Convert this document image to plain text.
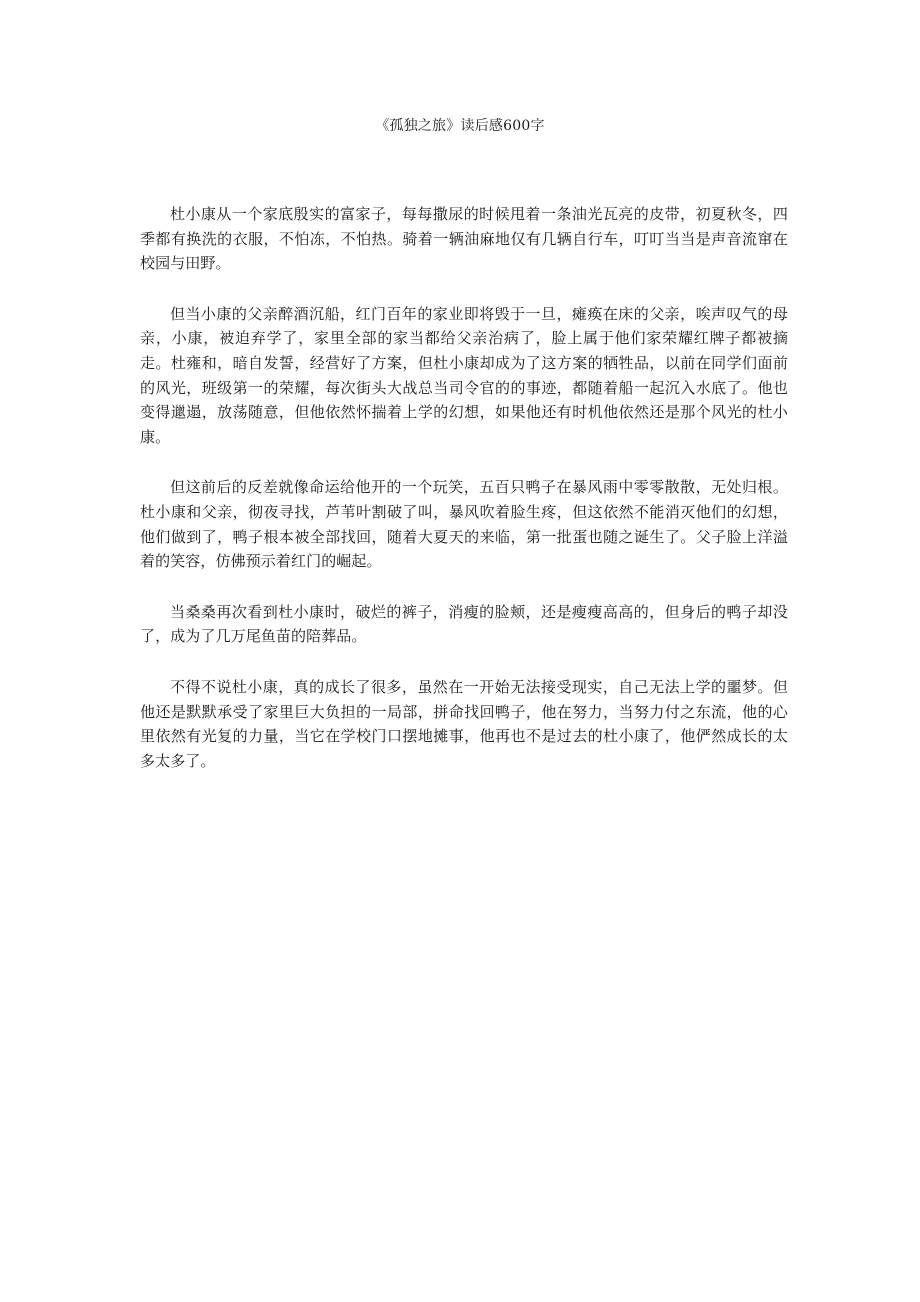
《孤独之旅》读后感600字

杜小康从一个家底殷实的富家子，每每撒尿的时候甩着一条油光瓦亮的皮带，初夏秋冬，四季都有换洗的衣服，不怕冻，不怕热。骑着一辆油麻地仅有几辆自行车，叮叮当当是声音流窜在校园与田野。

但当小康的父亲醉酒沉船，红门百年的家业即将毁于一旦，瘫痪在床的父亲，唉声叹气的母亲，小康，被迫弃学了，家里全部的家当都给父亲治病了，脸上属于他们家荣耀红牌子都被摘走。杜雍和，暗自发誓，经营好了方案，但杜小康却成为了这方案的牺牲品，以前在同学们面前的风光，班级第一的荣耀，每次街头大战总当司令官的的事迹，都随着船一起沉入水底了。他也变得邋遢，放荡随意，但他依然怀揣着上学的幻想，如果他还有时机他依然还是那个风光的杜小康。

但这前后的反差就像命运给他开的一个玩笑，五百只鸭子在暴风雨中零零散散，无处归根。杜小康和父亲，彻夜寻找，芦苇叶割破了叫，暴风吹着脸生疼，但这依然不能消灭他们的幻想，他们做到了，鸭子根本被全部找回，随着大夏天的来临，第一批蛋也随之诞生了。父子脸上洋溢着的笑容，仿佛预示着红门的崛起。

当桑桑再次看到杜小康时，破烂的裤子，消瘦的脸颊，还是瘦瘦高高的，但身后的鸭子却没了，成为了几万尾鱼苗的陪葬品。

不得不说杜小康，真的成长了很多，虽然在一开始无法接受现实，自己无法上学的噩梦。但他还是默默承受了家里巨大负担的一局部，拼命找回鸭子，他在努力，当努力付之东流，他的心里依然有光复的力量，当它在学校门口摆地摊事，他再也不是过去的杜小康了，他俨然成长的太多太多了。
